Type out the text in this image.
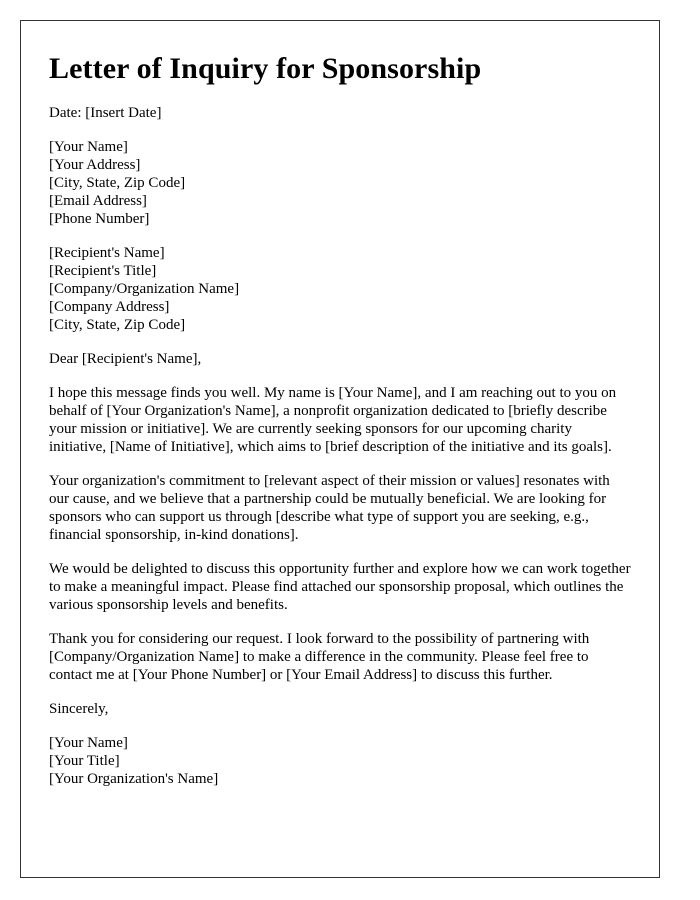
Letter of Inquiry for Sponsorship
Date: [Insert Date]
[Your Name]
[Your Address]
[City, State, Zip Code]
[Email Address]
[Phone Number]
[Recipient's Name]
[Recipient's Title]
[Company/Organization Name]
[Company Address]
[City, State, Zip Code]

Dear [Recipient's Name],

I hope this message finds you well. My name is [Your Name], and I am reaching out to you on behalf of [Your Organization's Name], a nonprofit organization dedicated to [briefly describe your mission or initiative]. We are currently seeking sponsors for our upcoming charity initiative, [Name of Initiative], which aims to [brief description of the initiative and its goals].

Your organization's commitment to [relevant aspect of their mission or values] resonates with our cause, and we believe that a partnership could be mutually beneficial. We are looking for sponsors who can support us through [describe what type of support you are seeking, e.g., financial sponsorship, in-kind donations].

We would be delighted to discuss this opportunity further and explore how we can work together to make a meaningful impact. Please find attached our sponsorship proposal, which outlines the various sponsorship levels and benefits.

Thank you for considering our request. I look forward to the possibility of partnering with [Company/Organization Name] to make a difference in the community. Please feel free to contact me at [Your Phone Number] or [Your Email Address] to discuss this further.

Sincerely,

[Your Name]
[Your Title]
[Your Organization's Name]
